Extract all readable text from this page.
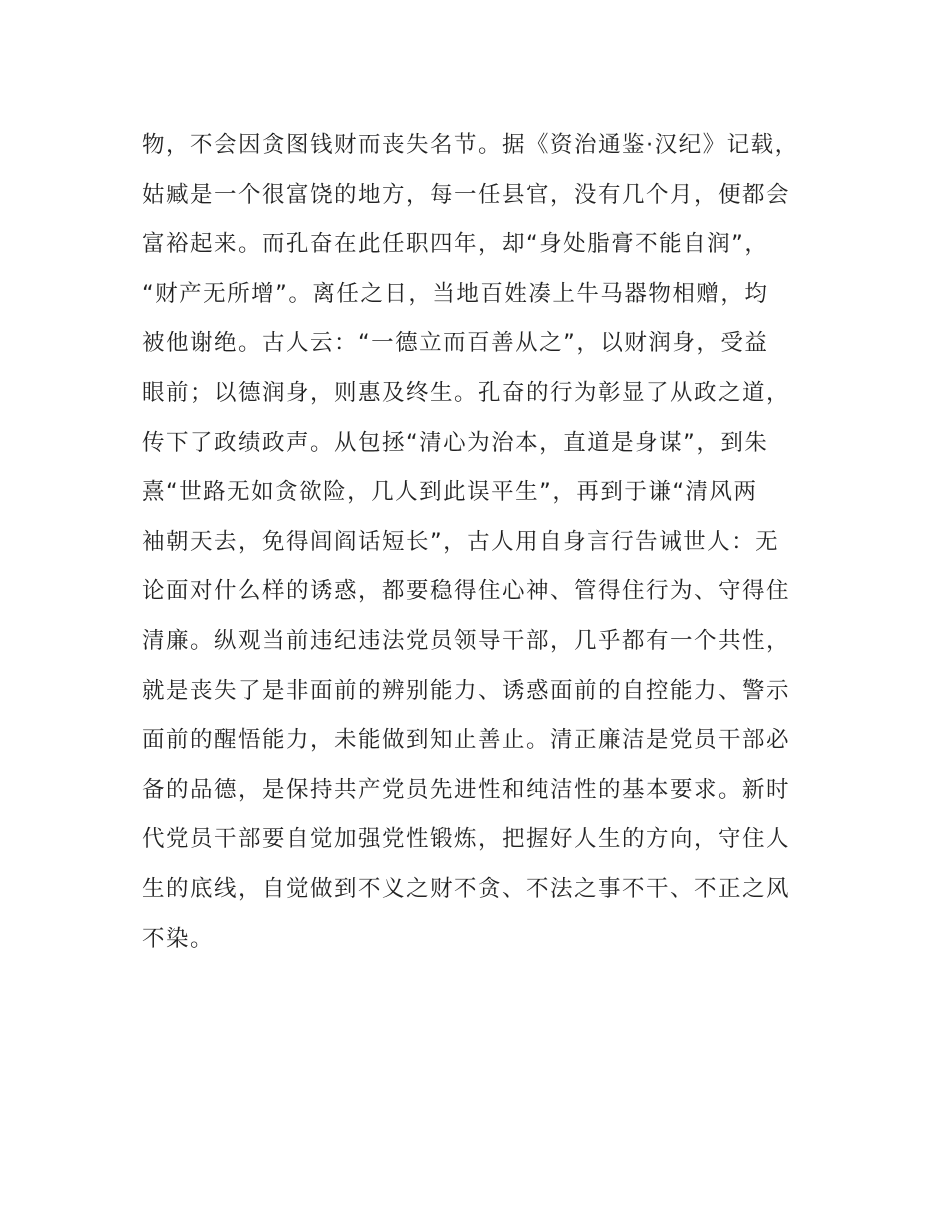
物，不会因贪图钱财而丧失名节。据《资治通鉴·汉纪》记载，
姑臧是一个很富饶的地方，每一任县官，没有几个月，便都会
富裕起来。而孔奋在此任职四年，却“身处脂膏不能自润”，
“财产无所增”。离任之日，当地百姓凑上牛马器物相赠，均
被他谢绝。古人云：“一德立而百善从之”，以财润身，受益
眼前；以德润身，则惠及终生。孔奋的行为彰显了从政之道，
传下了政绩政声。从包拯“清心为治本，直道是身谋”，到朱
熹“世路无如贪欲险，几人到此误平生”，再到于谦“清风两
袖朝天去，免得闾阎话短长”，古人用自身言行告诫世人：无
论面对什么样的诱惑，都要稳得住心神、管得住行为、守得住
清廉。纵观当前违纪违法党员领导干部，几乎都有一个共性，
就是丧失了是非面前的辨别能力、诱惑面前的自控能力、警示
面前的醒悟能力，未能做到知止善止。清正廉洁是党员干部必
备的品德，是保持共产党员先进性和纯洁性的基本要求。新时
代党员干部要自觉加强党性锻炼，把握好人生的方向，守住人
生的底线，自觉做到不义之财不贪、不法之事不干、不正之风
不染。
